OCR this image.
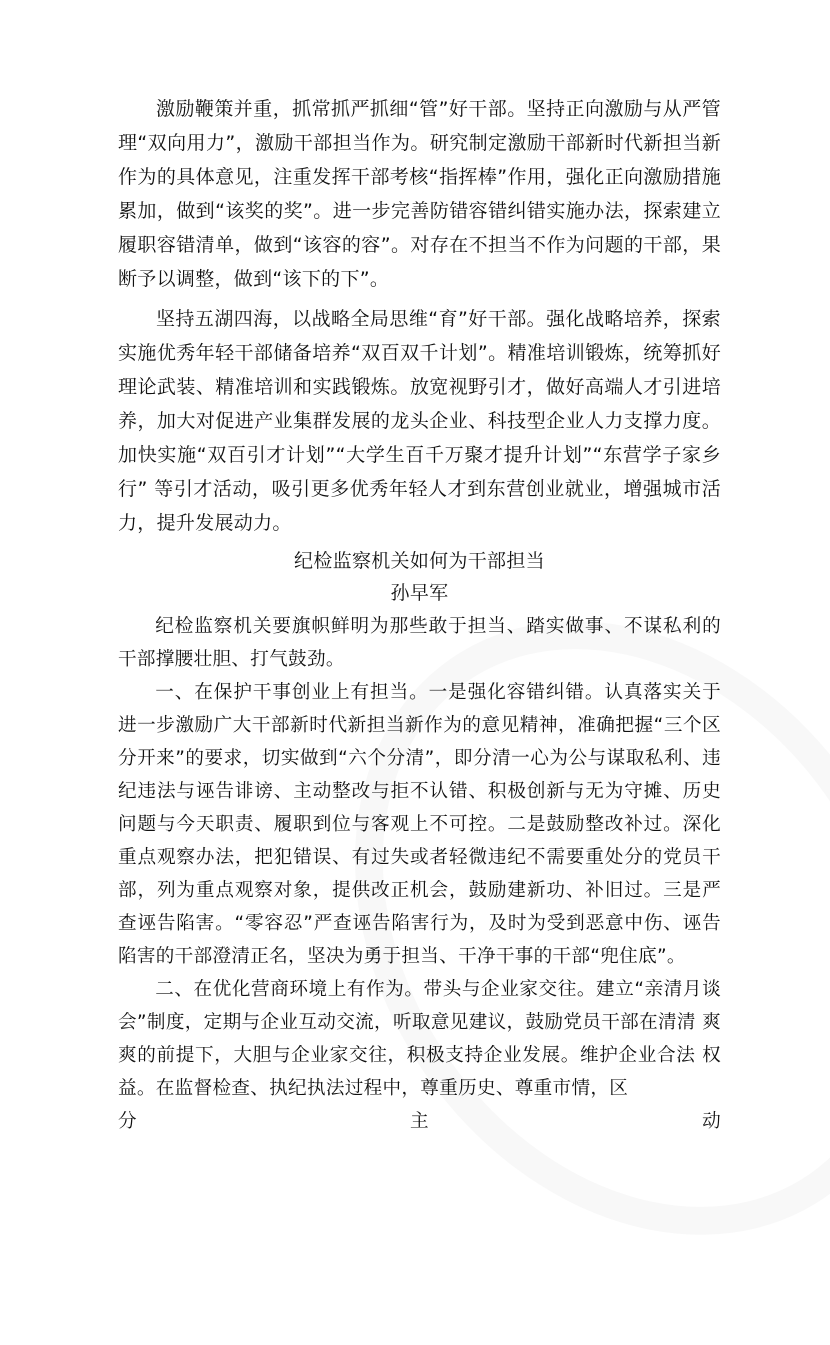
激励鞭策并重，抓常抓严抓细“管”好干部。坚持正向激励与从严管理“双向用力”，激励干部担当作为。研究制定激励干部新时代新担当新作为的具体意见，注重发挥干部考核“指挥棒”作用，强化正向激励措施累加，做到“该奖的奖”。进一步完善防错容错纠错实施办法，探索建立履职容错清单，做到“该容的容”。对存在不担当不作为问题的干部，果断予以调整，做到“该下的下”。

坚持五湖四海，以战略全局思维“育”好干部。强化战略培养，探索实施优秀年轻干部储备培养“双百双千计划”。精准培训锻炼，统筹抓好理论武装、精准培训和实践锻炼。放宽视野引才，做好高端人才引进培养，加大对促进产业集群发展的龙头企业、科技型企业人力支撑力度。加快实施“双百引才计划”“大学生百千万聚才提升计划”“东营学子家乡行” 等引才活动，吸引更多优秀年轻人才到东营创业就业，增强城市活力，提升发展动力。

纪检监察机关如何为干部担当

孙早军

纪检监察机关要旗帜鲜明为那些敢于担当、踏实做事、不谋私利的 干部撑腰壮胆、打气鼓劲。

一、在保护干事创业上有担当。一是强化容错纠错。认真落实关于进一步激励广大干部新时代新担当新作为的意见精神，准确把握“三个区 分开来”的要求，切实做到“六个分清”，即分清一心为公与谋取私利、违 纪违法与诬告诽谤、主动整改与拒不认错、积极创新与无为守摊、历史 问题与今天职责、履职到位与客观上不可控。二是鼓励整改补过。深化 重点观察办法，把犯错误、有过失或者轻微违纪不需要重处分的党员干 部，列为重点观察对象，提供改正机会，鼓励建新功、补旧过。三是严 查诬告陷害。“零容忍”严查诬告陷害行为，及时为受到恶意中伤、诬告 陷害的干部澄清正名，坚决为勇于担当、干净干事的干部“兜住底”。

二、在优化营商环境上有作为。带头与企业家交往。建立“亲清月谈会”制度，定期与企业互动交流，听取意见建议，鼓励党员干部在清清 爽爽的前提下，大胆与企业家交往，积极支持企业发展。维护企业合法 权益。在监督检查、执纪执法过程中，尊重历史、尊重市情，区

分	主	动
